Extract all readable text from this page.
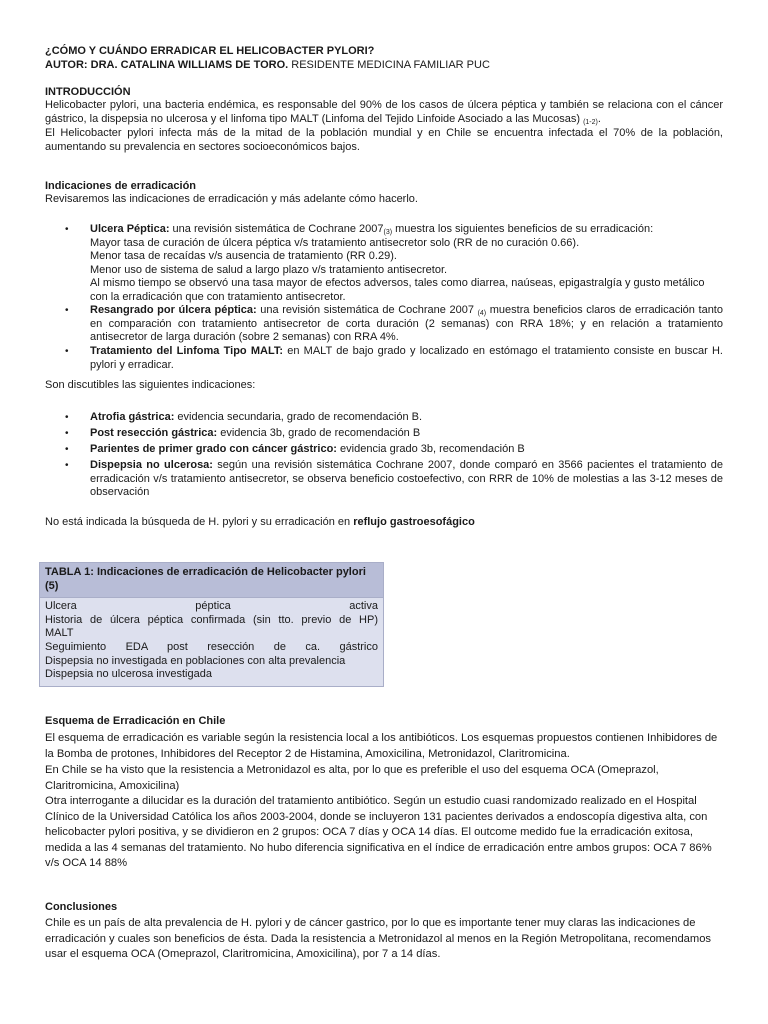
¿CÓMO Y CUÁNDO ERRADICAR EL HELICOBACTER PYLORI?

AUTOR: DRA. CATALINA WILLIAMS DE TORO. RESIDENTE MEDICINA FAMILIAR PUC

INTRODUCCIÓN

Helicobacter pylori, una bacteria endémica, es responsable del 90% de los casos de úlcera péptica y también se relaciona con el cáncer gástrico, la dispepsia no ulcerosa y el linfoma tipo MALT (Linfoma del Tejido Linfoide Asociado a las Mucosas) $_{(1-2)}$.

El Helicobacter pylori infecta más de la mitad de la población mundial y en Chile se encuentra infectada el 70% de la población, aumentando su prevalencia en sectores socioeconómicos bajos.

Indicaciones de erradicación

Revisaremos las indicaciones de erradicación y más adelante cómo hacerlo.

• Ulcera Péptica: una revisión sistemática de Cochrane $2007_{(3)}$ muestra los siguientes beneficios de su erradicación:

Mayor tasa de curación de úlcera péptica v/s tratamiento antisecretor solo (RR de no curación 0.66).

Menor tasa de recaídas v/s ausencia de tratamiento (RR 0.29).

Menor uso de sistema de salud a largo plazo v/s tratamiento antisecretor.

Al mismo tiempo se observó una tasa mayor de efectos adversos, tales como diarrea, naúseas, epigastralgía y gusto metálico con la erradicación que con tratamiento antisecretor.

• Resangrado por úlcera péptica: una revisión sistemática de Cochrane 2007 $_{(4)}$ muestra beneficios claros de erradicación tanto en comparación con tratamiento antisecretor de corta duración (2 semanas) con RRA 18%; y en relación a tratamiento antisecretor de larga duración (sobre 2 semanas) con RRA 4%.

• Tratamiento del Linfoma Tipo MALT: en MALT de bajo grado y localizado en estómago el tratamiento consiste en buscar H. pylori y erradicar.

Son discutibles las siguientes indicaciones:

• Atrofia gástrica: evidencia secundaria, grado de recomendación B.

• Post resección gástrica: evidencia 3b, grado de recomendación B

• Parientes de primer grado con cáncer gástrico: evidencia grado 3b, recomendación B

• Dispepsia no ulcerosa: según una revisión sistemática Cochrane 2007, donde comparó en 3566 pacientes el tratamiento de erradicación v/s tratamiento antisecretor, se observa beneficio costoefectivo, con RRR de 10% de molestias a las 3-12 meses de observación

No está indicada la búsqueda de H. pylori y su erradicación en reflujo gastroesofágico

TABLA 1: Indicaciones de erradicación de Helicobacter pylori (5)
Ulcera péptica activa
Historia de úlcera péptica confirmada (sin tto. previo de HP)
MALT
Seguimiento EDA post resección de ca. gástrico
Dispepsia no investigada en poblaciones con alta prevalencia
Dispepsia no ulcerosa investigada

Esquema de Erradicación en Chile

El esquema de erradicación es variable según la resistencia local a los antibióticos. Los esquemas propuestos contienen Inhibidores de la Bomba de protones, Inhibidores del Receptor 2 de Histamina, Amoxicilina, Metronidazol, Claritromicina.

En Chile se ha visto que la resistencia a Metronidazol es alta, por lo que es preferible el uso del esquema OCA (Omeprazol, Claritromicina, Amoxicilina)

Otra interrogante a dilucidar es la duración del tratamiento antibiótico. Según un estudio cuasi randomizado realizado en el Hospital Clínico de la Universidad Católica los años 2003-2004, donde se incluyeron 131 pacientes derivados a endoscopía digestiva alta, con helicobacter pylori positiva, y se dividieron en 2 grupos: OCA 7 días y OCA 14 días. El outcome medido fue la erradicación exitosa, medida a las 4 semanas del tratamiento. No hubo diferencia significativa en el índice de erradicación entre ambos grupos: OCA 7 86% v/s OCA 14 88%

Conclusiones

Chile es un país de alta prevalencia de H. pylori y de cáncer gastrico, por lo que es importante tener muy claras las indicaciones de erradicación y cuales son beneficios de ésta. Dada la resistencia a Metronidazol al menos en la Región Metropolitana, recomendamos usar el esquema OCA (Omeprazol, Claritromicina, Amoxicilina), por 7 a 14 días.
